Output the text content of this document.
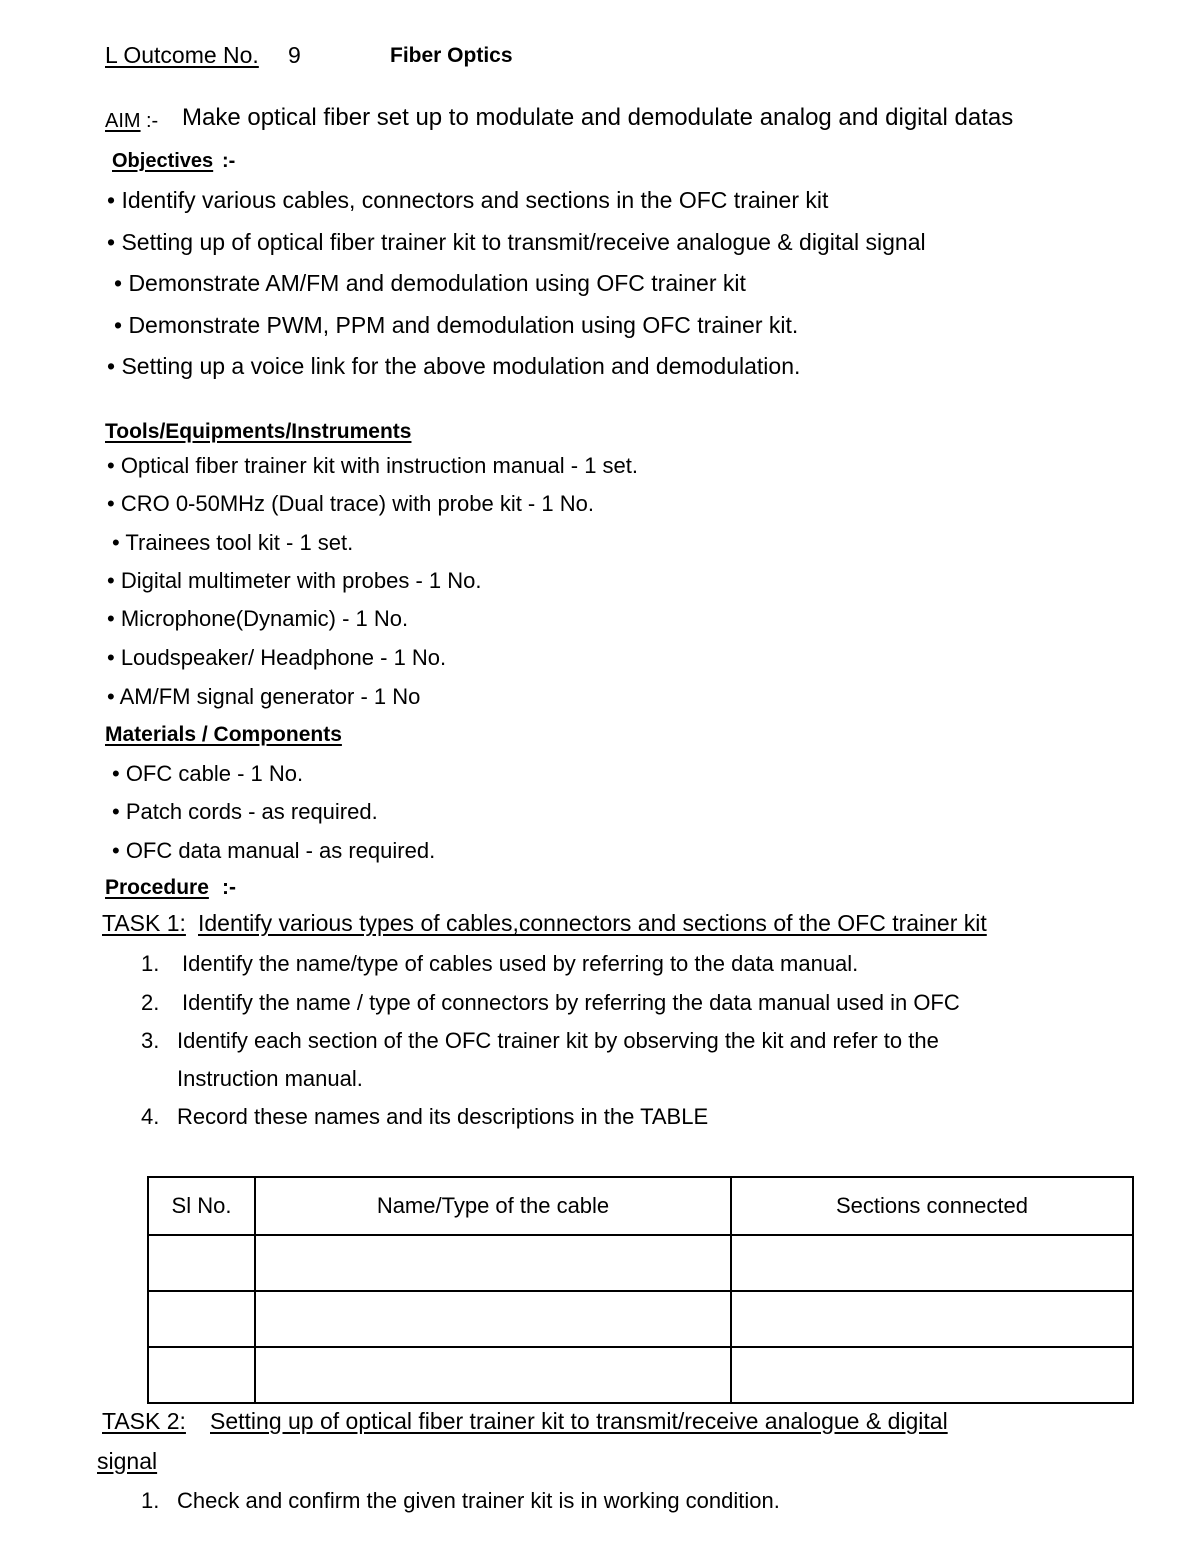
L Outcome No. 9	Fiber Optics
AIM :- Make optical fiber set up to modulate and demodulate analog and digital datas
Objectives :-
• Identify various cables, connectors and sections in the OFC trainer kit
• Setting up of optical fiber trainer kit to transmit/receive analogue & digital signal
• Demonstrate AM/FM and demodulation using OFC trainer kit
• Demonstrate PWM, PPM and demodulation using OFC trainer kit.
• Setting up a voice link for the above modulation and demodulation.
Tools/Equipments/Instruments
• Optical fiber trainer kit with instruction manual - 1 set.
• CRO 0-50MHz (Dual trace) with probe kit - 1 No.
• Trainees tool kit - 1 set.
• Digital multimeter with probes - 1 No.
• Microphone(Dynamic) - 1 No.
• Loudspeaker/ Headphone - 1 No.
• AM/FM signal generator - 1 No
Materials / Components
• OFC cable - 1 No.
• Patch cords - as required.
• OFC data manual - as required.
Procedure :-
TASK 1: Identify various types of cables,connectors and sections of the OFC trainer kit
1. Identify the name/type of cables used by referring to the data manual.
2. Identify the name / type of connectors by referring the data manual used in OFC
3. Identify each section of the OFC trainer kit by observing the kit and refer to the
Instruction manual.
4. Record these names and its descriptions in the TABLE
Sl No.	Name/Type of the cable	Sections connected

TASK 2: Setting up of optical fiber trainer kit to transmit/receive analogue & digital
signal
1. Check and confirm the given trainer kit is in working condition.
